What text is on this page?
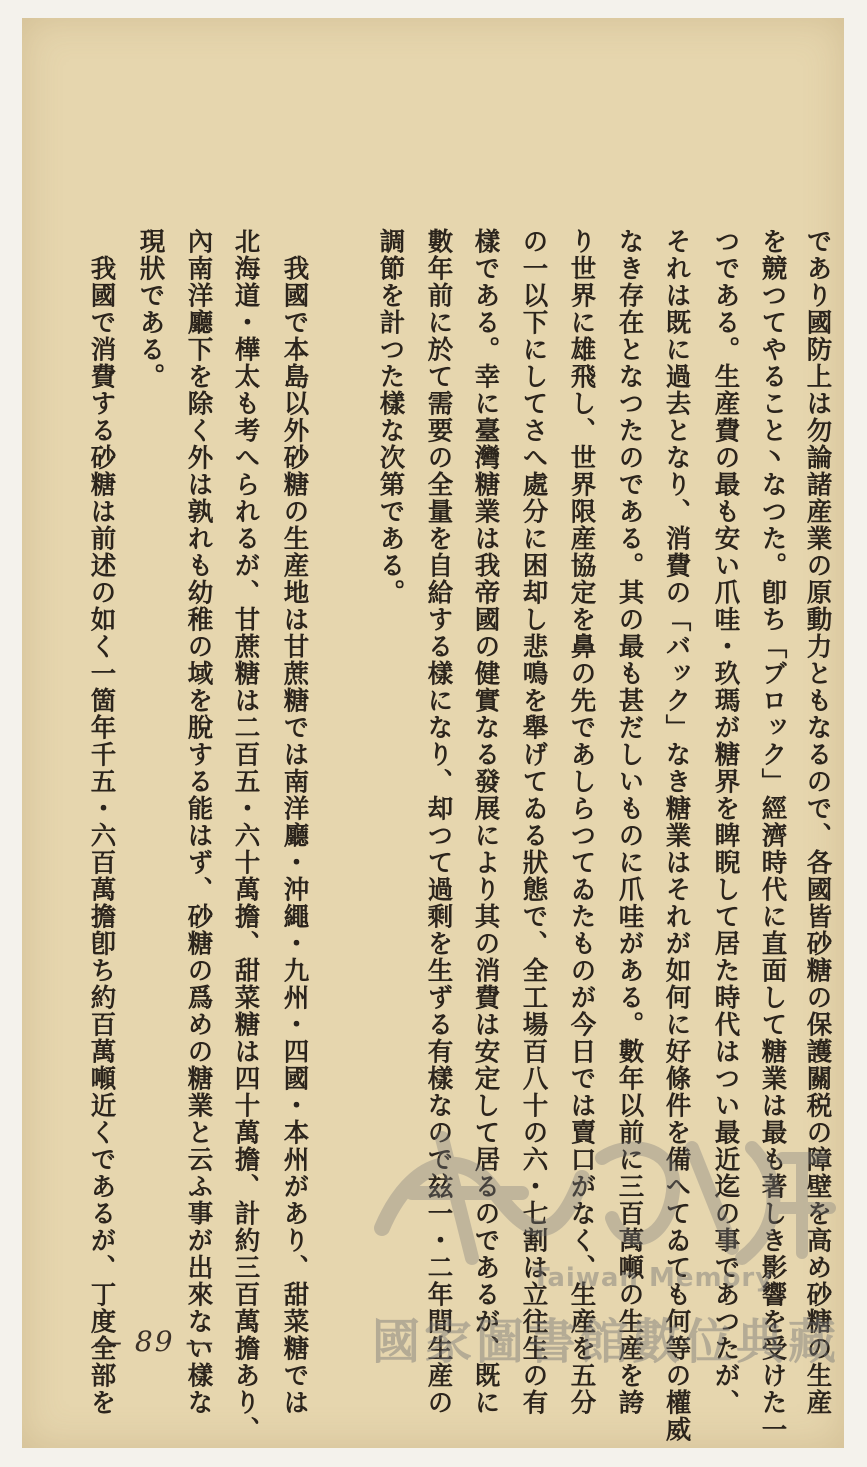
であり國防上は勿論諸産業の原動力ともなるので、各國皆砂糖の保護關税の障壁を高め砂糖の生産
を競つてやること丶なつた。卽ち「ブロック」經濟時代に直面して糖業は最も著しき影響を受けた一
つである。生産費の最も安い爪哇・玖瑪が糖界を睥睨して居た時代はつい最近迄の事であつたが、
それは既に過去となり、消費の「バック」なき糖業はそれが如何に好條件を備へてゐても何等の權威
なき存在となつたのである。其の最も甚だしいものに爪哇がある。數年以前に三百萬噸の生産を誇
り世界に雄飛し、世界限産協定を鼻の先であしらつてゐたものが今日では賣口がなく、生産を五分
の一以下にしてさへ處分に困却し悲鳴を舉げてゐる狀態で、全工場百八十の六・七割は立往生の有
樣である。幸に臺灣糖業は我帝國の健實なる發展により其の消費は安定して居るのであるが、既に
數年前に於て需要の全量を自給する樣になり、却つて過剩を生ずる有樣なので玆一・二年間生産の
調節を計つた樣な次第である。
　我國で本島以外砂糖の生産地は甘蔗糖では南洋廳・沖繩・九州・四國・本州があり、甜菜糖では
北海道・樺太も考へられるが、甘蔗糖は二百五・六十萬擔、甜菜糖は四十萬擔、計約三百萬擔あり、
內南洋廳下を除く外は孰れも幼稚の域を脫する能はず、砂糖の爲めの糖業と云ふ事が出來ない樣な
現狀である。
　我國で消費する砂糖は前述の如く一箇年千五・六百萬擔卽ち約百萬噸近くであるが、丁度全部を
— 89 —
Taiwan Memory
國家圖書館數位典藏
